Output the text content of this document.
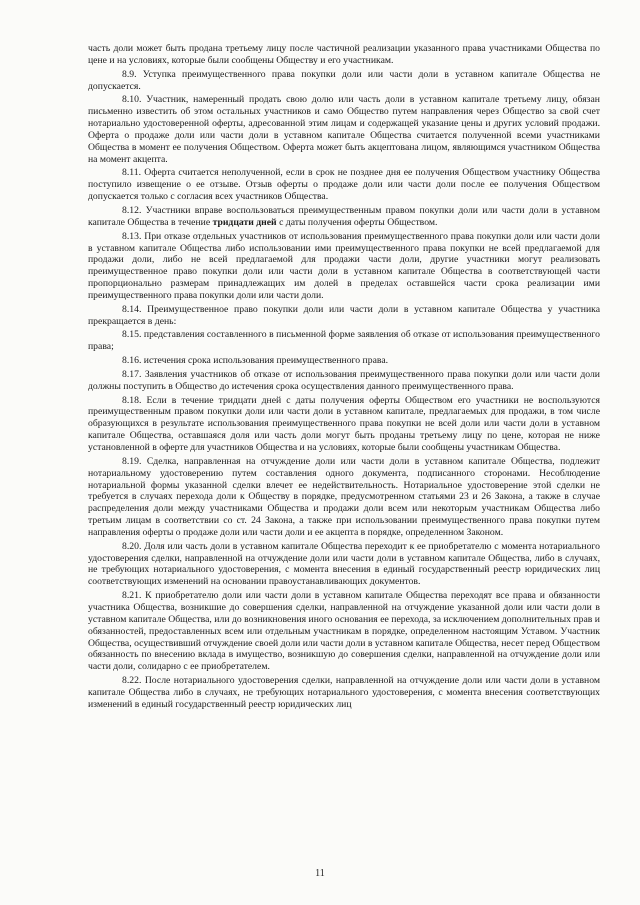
часть доли может быть продана третьему лицу после частичной реализации указанного права участниками Общества по цене и на условиях, которые были сообщены Обществу и его участникам.

8.9. Уступка преимущественного права покупки доли или части доли в уставном капитале Общества не допускается.

8.10. Участник, намеренный продать свою долю или часть доли в уставном капитале третьему лицу, обязан письменно известить об этом остальных участников и само Общество путем направления через Общество за свой счет нотариально удостоверенной оферты, адресованной этим лицам и содержащей указание цены и других условий продажи. Оферта о продаже доли или части доли в уставном капитале Общества считается полученной всеми участниками Общества в момент ее получения Обществом. Оферта может быть акцептована лицом, являющимся участником Общества на момент акцепта.

8.11. Оферта считается неполученной, если в срок не позднее дня ее получения Обществом участнику Общества поступило извещение о ее отзыве. Отзыв оферты о продаже доли или части доли после ее получения Обществом допускается только с согласия всех участников Общества.

8.12. Участники вправе воспользоваться преимущественным правом покупки доли или части доли в уставном капитале Общества в течение тридцати дней с даты получения оферты Обществом.

8.13. При отказе отдельных участников от использования преимущественного права покупки доли или части доли в уставном капитале Общества либо использовании ими преимущественного права покупки не всей предлагаемой для продажи доли, либо не всей предлагаемой для продажи части доли, другие участники могут реализовать преимущественное право покупки доли или части доли в уставном капитале Общества в соответствующей части пропорционально размерам принадлежащих им долей в пределах оставшейся части срока реализации ими преимущественного права покупки доли или части доли.

8.14. Преимущественное право покупки доли или части доли в уставном капитале Общества у участника прекращается в день:

8.15. представления составленного в письменной форме заявления об отказе от использования преимущественного права;

8.16. истечения срока использования преимущественного права.

8.17. Заявления участников об отказе от использования преимущественного права покупки доли или части доли должны поступить в Общество до истечения срока осуществления данного преимущественного права.

8.18. Если в течение тридцати дней с даты получения оферты Обществом его участники не воспользуются преимущественным правом покупки доли или части доли в уставном капитале, предлагаемых для продажи, в том числе образующихся в результате использования преимущественного права покупки не всей доли или части доли в уставном капитале Общества, оставшаяся доля или часть доли могут быть проданы третьему лицу по цене, которая не ниже установленной в оферте для участников Общества и на условиях, которые были сообщены участникам Общества.

8.19. Сделка, направленная на отчуждение доли или части доли в уставном капитале Общества, подлежит нотариальному удостоверению путем составления одного документа, подписанного сторонами. Несоблюдение нотариальной формы указанной сделки влечет ее недействительность. Нотариальное удостоверение этой сделки не требуется в случаях перехода доли к Обществу в порядке, предусмотренном статьями 23 и 26 Закона, а также в случае распределения доли между участниками Общества и продажи доли всем или некоторым участникам Общества либо третьим лицам в соответствии со ст. 24 Закона, а также при использовании преимущественного права покупки путем направления оферты о продаже доли или части доли и ее акцепта в порядке, определенном Законом.

8.20. Доля или часть доли в уставном капитале Общества переходит к ее приобретателю с момента нотариального удостоверения сделки, направленной на отчуждение доли или части доли в уставном капитале Общества, либо в случаях, не требующих нотариального удостоверения, с момента внесения в единый государственный реестр юридических лиц соответствующих изменений на основании правоустанавливающих документов.

8.21. К приобретателю доли или части доли в уставном капитале Общества переходят все права и обязанности участника Общества, возникшие до совершения сделки, направленной на отчуждение указанной доли или части доли в уставном капитале Общества, или до возникновения иного основания ее перехода, за исключением дополнительных прав и обязанностей, предоставленных всем или отдельным участникам в порядке, определенном настоящим Уставом. Участник Общества, осуществивший отчуждение своей доли или части доли в уставном капитале Общества, несет перед Обществом обязанность по внесению вклада в имущество, возникшую до совершения сделки, направленной на отчуждение доли или части доли, солидарно с ее приобретателем.

8.22. После нотариального удостоверения сделки, направленной на отчуждение доли или части доли в уставном капитале Общества либо в случаях, не требующих нотариального удостоверения, с момента внесения соответствующих изменений в единый государственный реестр юридических лиц

11
